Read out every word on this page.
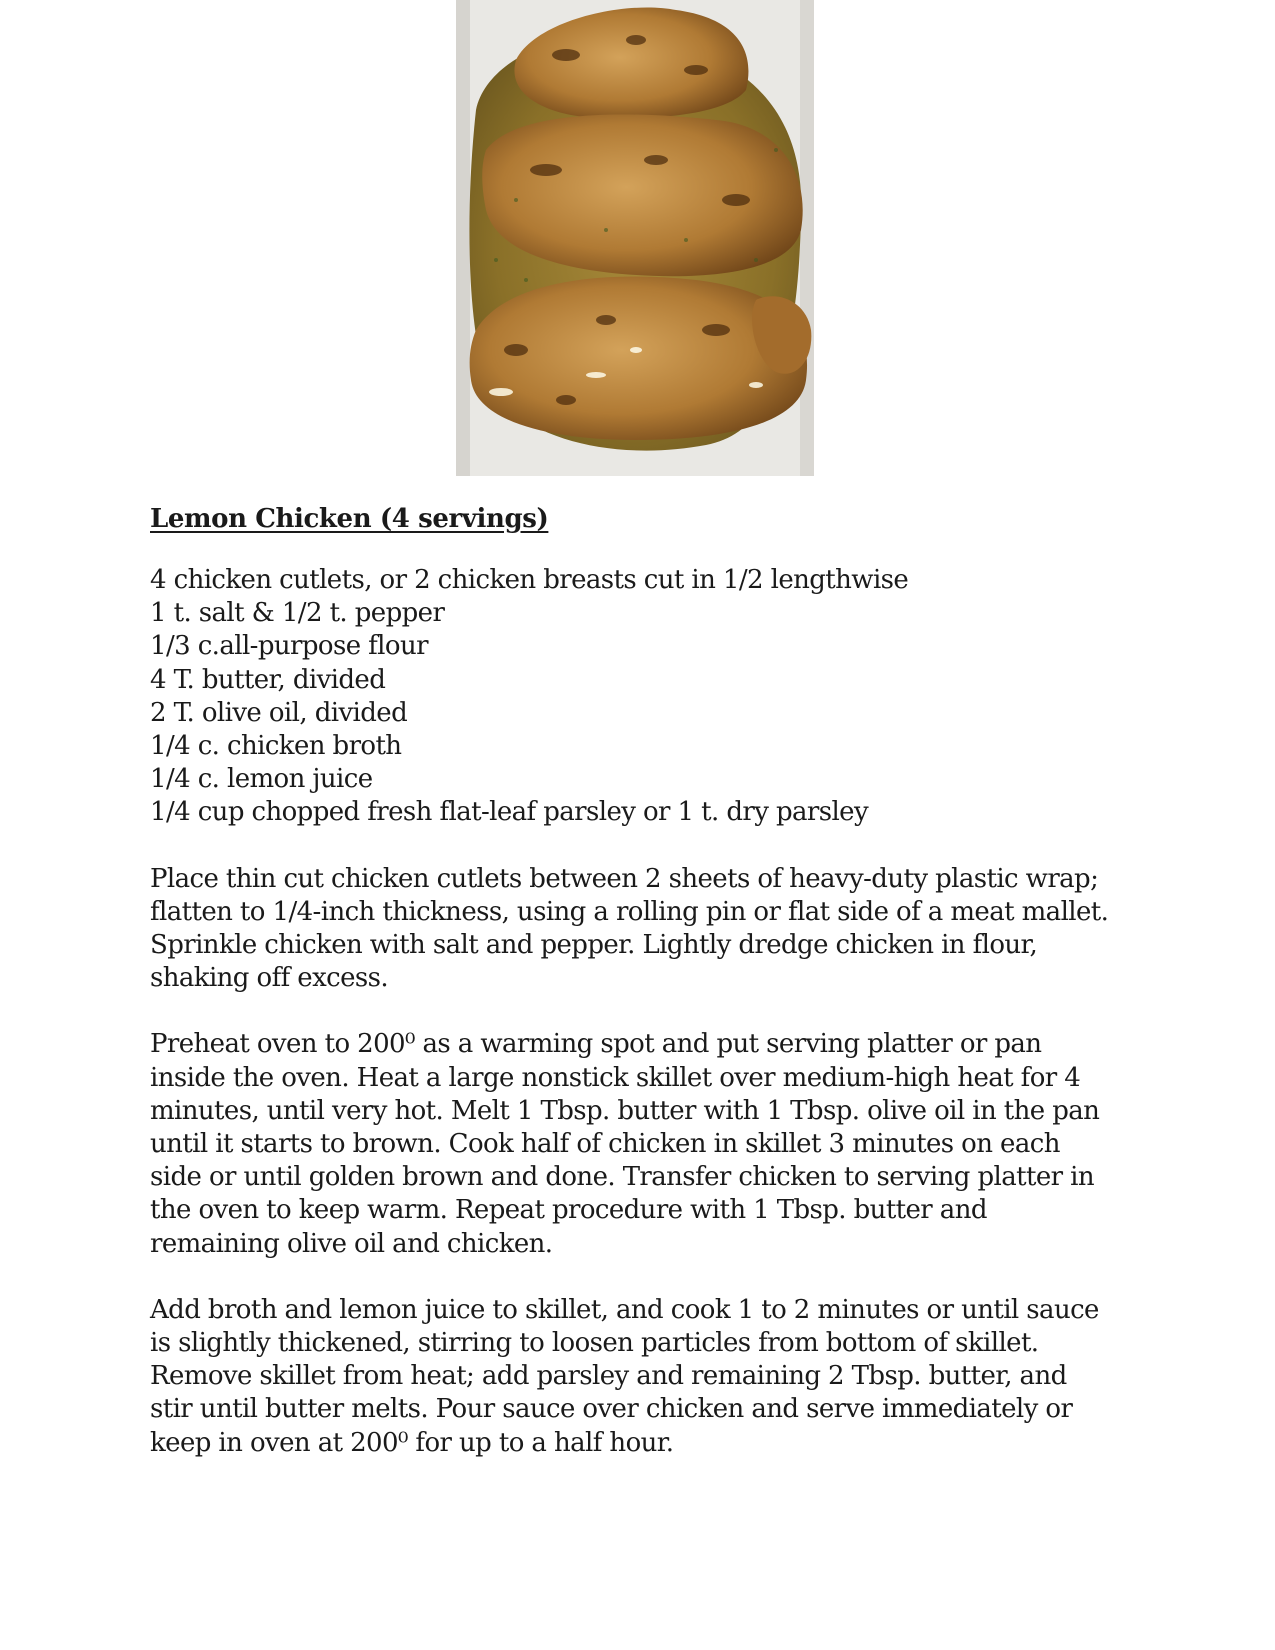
Lemon Chicken (4 servings)
4 chicken cutlets, or 2 chicken breasts cut in 1/2 lengthwise
1 t. salt & 1/2 t. pepper
1/3 c.all-purpose flour
4 T. butter, divided
2 T. olive oil, divided
1/4 c. chicken broth
1/4 c. lemon juice
1/4 cup chopped fresh flat-leaf parsley or 1 t. dry parsley

Place thin cut chicken cutlets between 2 sheets of heavy-duty plastic wrap;
flatten to 1/4-inch thickness, using a rolling pin or flat side of a meat mallet.
Sprinkle chicken with salt and pepper. Lightly dredge chicken in flour,
shaking off excess.

Preheat oven to 200⁰ as a warming spot and put serving platter or pan
inside the oven. Heat a large nonstick skillet over medium-high heat for 4
minutes, until very hot. Melt 1 Tbsp. butter with 1 Tbsp. olive oil in the pan
until it starts to brown. Cook half of chicken in skillet 3 minutes on each
side or until golden brown and done. Transfer chicken to serving platter in
the oven to keep warm. Repeat procedure with 1 Tbsp. butter and
remaining olive oil and chicken.

Add broth and lemon juice to skillet, and cook 1 to 2 minutes or until sauce
is slightly thickened, stirring to loosen particles from bottom of skillet.
Remove skillet from heat; add parsley and remaining 2 Tbsp. butter, and
stir until butter melts. Pour sauce over chicken and serve immediately or
keep in oven at 200⁰ for up to a half hour.
